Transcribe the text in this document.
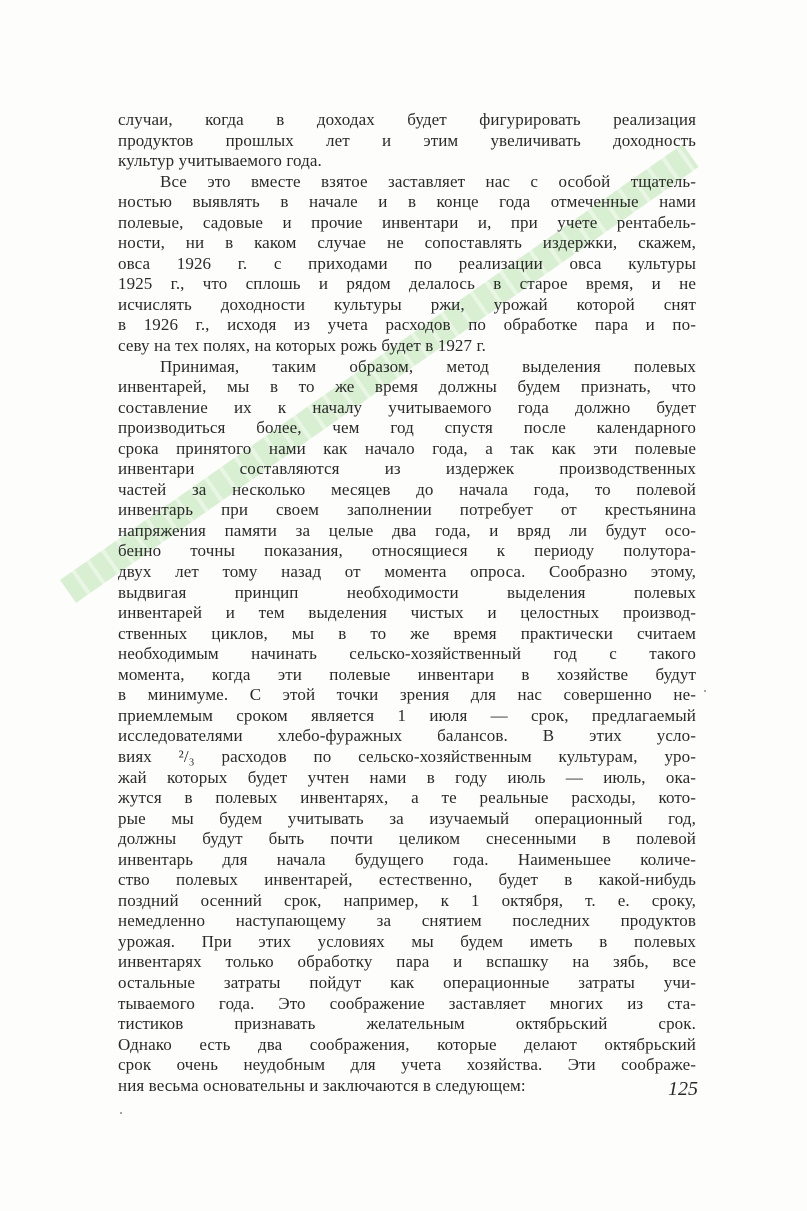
случаи, когда в доходах будет фигурировать реализация
продуктов прошлых лет и этим увеличивать доходность
культур учитываемого года.
Все это вместе взятое заставляет нас с особой тщатель-
ностью выявлять в начале и в конце года отмеченные нами
полевые, садовые и прочие инвентари и, при учете рентабель-
ности, ни в каком случае не сопоставлять издержки, скажем,
овса 1926 г. с приходами по реализации овса культуры
1925 г., что сплошь и рядом делалось в старое время, и не
исчислять доходности культуры ржи, урожай которой снят
в 1926 г., исходя из учета расходов по обработке пара и по-
севу на тех полях, на которых рожь будет в 1927 г.
Принимая, таким образом, метод выделения полевых
инвентарей, мы в то же время должны будем признать, что
составление их к началу учитываемого года должно будет
производиться более, чем год спустя после календарного
срока принятого нами как начало года, а так как эти полевые
инвентари составляются из издержек производственных
частей за несколько месяцев до начала года, то полевой
инвентарь при своем заполнении потребует от крестьянина
напряжения памяти за целые два года, и вряд ли будут осо-
бенно точны показания, относящиеся к периоду полутора-
двух лет тому назад от момента опроса. Сообразно этому,
выдвигая принцип необходимости выделения полевых
инвентарей и тем выделения чистых и целостных производ-
ственных циклов, мы в то же время практически считаем
необходимым начинать сельско-хозяйственный год с такого
момента, когда эти полевые инвентари в хозяйстве будут
в минимуме. С этой точки зрения для нас совершенно не-
приемлемым сроком является 1 июля — срок, предлагаемый
исследователями хлебо-фуражных балансов. В этих усло-
виях ²/₃ расходов по сельско-хозяйственным культурам, уро-
жай которых будет учтен нами в году июль — июль, ока-
жутся в полевых инвентарях, а те реальные расходы, кото-
рые мы будем учитывать за изучаемый операционный год,
должны будут быть почти целиком снесенными в полевой
инвентарь для начала будущего года. Наименьшее количе-
ство полевых инвентарей, естественно, будет в какой-нибудь
поздний осенний срок, например, к 1 октября, т. е. сроку,
немедленно наступающему за снятием последних продуктов
урожая. При этих условиях мы будем иметь в полевых
инвентарях только обработку пара и вспашку на зябь, все
остальные затраты пойдут как операционные затраты учи-
тываемого года. Это соображение заставляет многих из ста-
тистиков признавать желательным октябрьский срок.
Однако есть два соображения, которые делают октябрьский
срок очень неудобным для учета хозяйства. Эти соображе-
ния весьма основательны и заключаются в следующем:	125
